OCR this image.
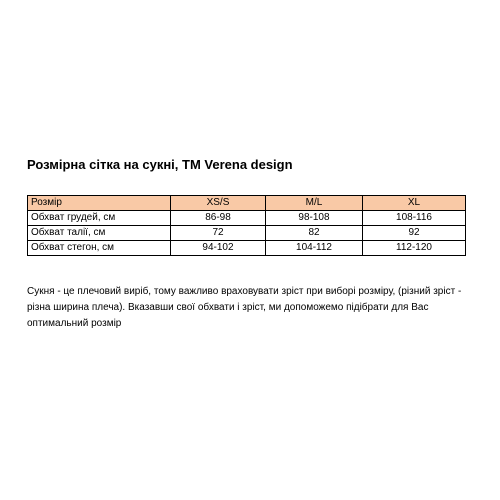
Розмірна сітка на сукні, ТМ Verena design
Розмір	XS/S	M/L	XL
Обхват грудей, см	86-98	98-108	108-116
Обхват талії, см	72	82	92
Обхват стегон, см	94-102	104-112	112-120
Сукня - це плечовий виріб, тому важливо враховувати зріст при виборі розміру, (різний зріст - різна ширина плеча). Вказавши свої обхвати і зріст, ми допоможемо підібрати для Вас оптимальний розмір
